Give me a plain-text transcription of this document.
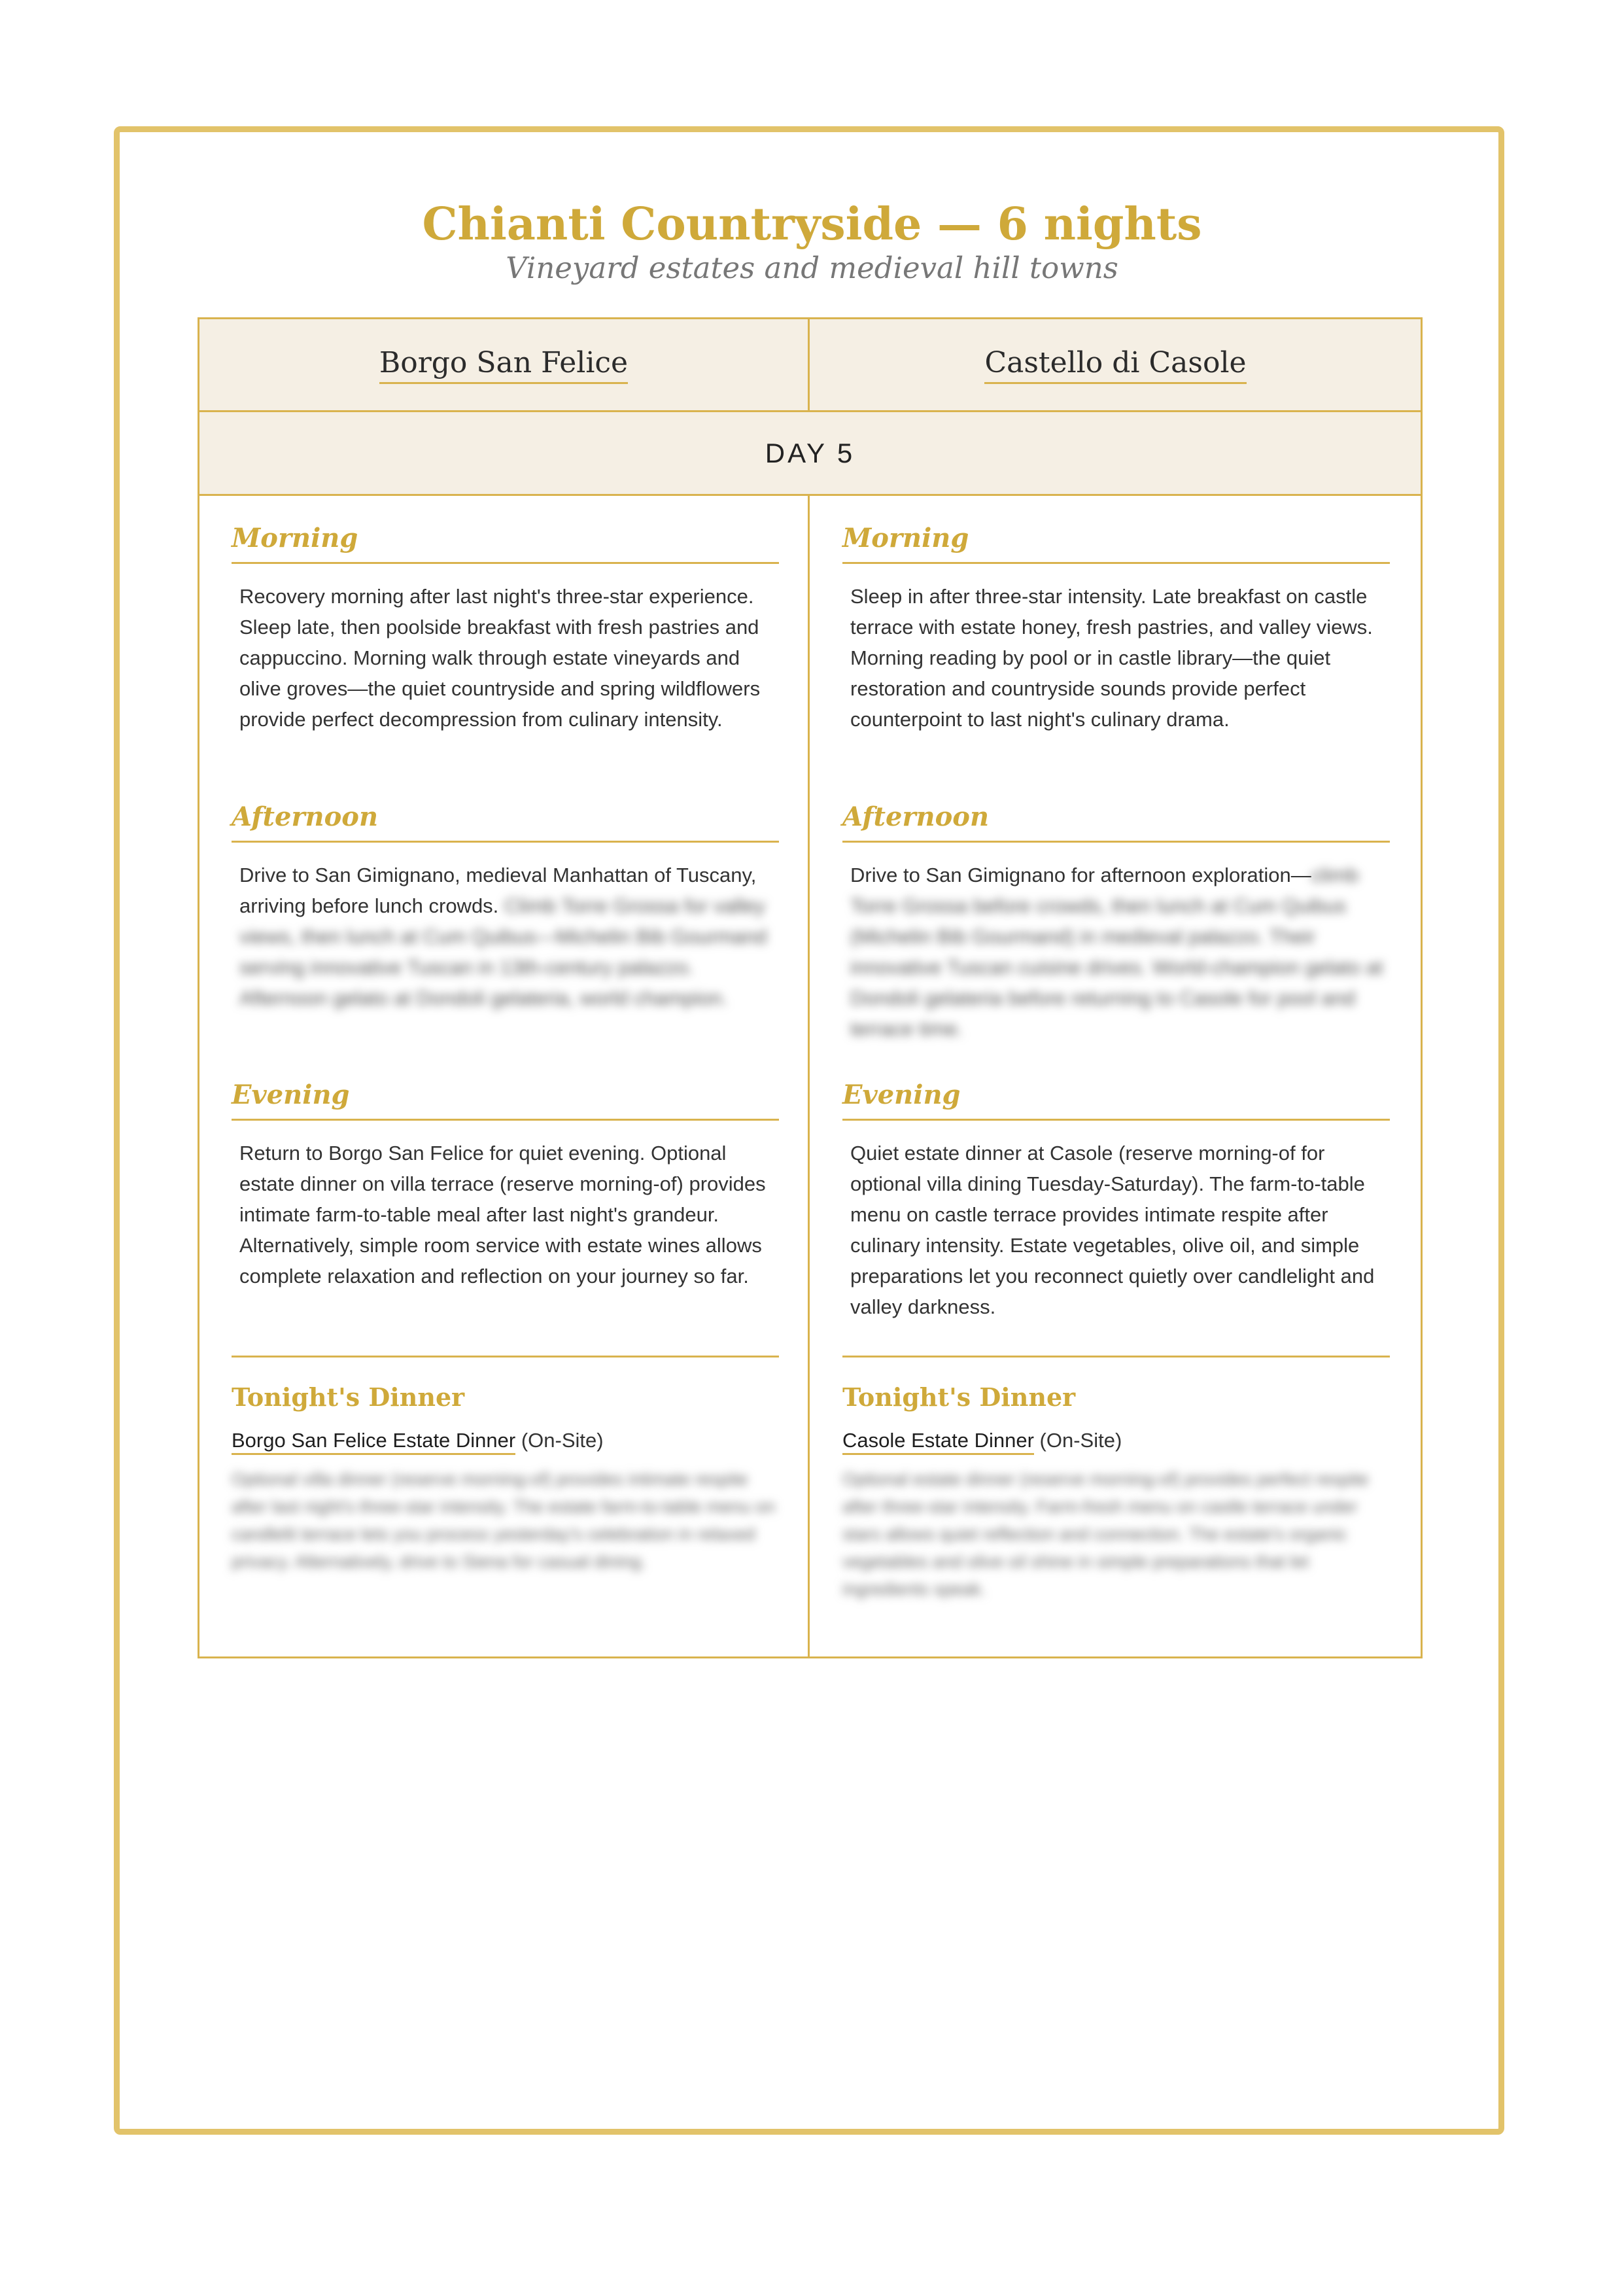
Chianti Countryside — 6 nights

Vineyard estates and medieval hill towns

Borgo San Felice	Castello di Casole
DAY 5
Morning
Recovery morning after last night's three-star experience. Sleep late, then poolside breakfast with fresh pastries and cappuccino. Morning walk through estate vineyards and olive groves—the quiet countryside and spring wildflowers provide perfect decompression from culinary intensity.
Afternoon
Drive to San Gimignano, medieval Manhattan of Tuscany, arriving before lunch crowds. Climb Torre Grossa for valley views, then lunch at Cum Quibus—Michelin Bib Gourmand serving innovative Tuscan in 13th-century palazzo. Afternoon gelato at Dondoli gelateria, world champion.
Evening
Return to Borgo San Felice for quiet evening. Optional estate dinner on villa terrace (reserve morning-of) provides intimate farm-to-table meal after last night's grandeur. Alternatively, simple room service with estate wines allows complete relaxation and reflection on your journey so far.
Tonight's Dinner
Borgo San Felice Estate Dinner (On-Site)
Optional villa dinner (reserve morning-of) provides intimate respite after last night's three-star intensity. The estate farm-to-table menu on candlelit terrace lets you process yesterday's celebration in relaxed privacy. Alternatively, drive to Siena for casual dining.
Morning
Sleep in after three-star intensity. Late breakfast on castle terrace with estate honey, fresh pastries, and valley views. Morning reading by pool or in castle library—the quiet restoration and countryside sounds provide perfect counterpoint to last night's culinary drama.
Afternoon
Drive to San Gimignano for afternoon exploration—climb Torre Grossa before crowds, then lunch at Cum Quibus (Michelin Bib Gourmand) in medieval palazzo. Their innovative Tuscan cuisine drives. World-champion gelato at Dondoli gelateria before returning to Casole for pool and terrace time.
Evening
Quiet estate dinner at Casole (reserve morning-of for optional villa dining Tuesday-Saturday). The farm-to-table menu on castle terrace provides intimate respite after culinary intensity. Estate vegetables, olive oil, and simple preparations let you reconnect quietly over candlelight and valley darkness.
Tonight's Dinner
Casole Estate Dinner (On-Site)
Optional estate dinner (reserve morning-of) provides perfect respite after three-star intensity. Farm-fresh menu on castle terrace under stars allows quiet reflection and connection. The estate's organic vegetables and olive oil shine in simple preparations that let ingredients speak.
